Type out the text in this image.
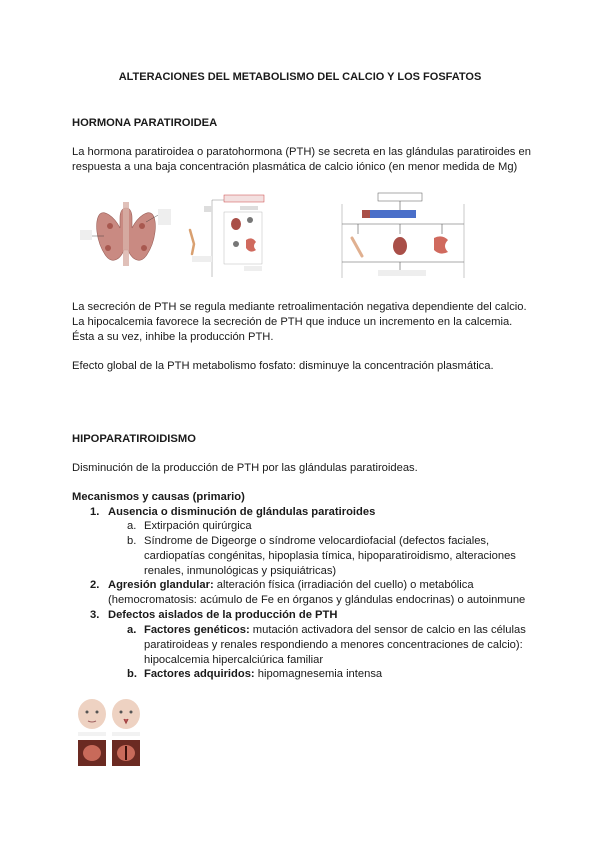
ALTERACIONES DEL METABOLISMO DEL CALCIO Y LOS FOSFATOS
HORMONA PARATIROIDEA
La hormona paratiroidea o paratohormona (PTH) se secreta en las glándulas paratiroides en
respuesta a una baja concentración plasmática de calcio iónico (en menor medida de Mg)
La secreción de PTH se regula mediante retroalimentación negativa dependiente del calcio.
La hipocalcemia favorece la secreción de PTH que induce un incremento en la calcemia.
Ésta a su vez, inhibe la producción PTH.
Efecto global de la PTH metabolismo fosfato: disminuye la concentración plasmática.
HIPOPARATIROIDISMO
Disminución de la producción de PTH por las glándulas paratiroideas.
Mecanismos y causas (primario)
1. Ausencia o disminución de glándulas paratiroides
a. Extirpación quirúrgica
b. Síndrome de Digeorge o síndrome velocardiofacial (defectos faciales,
cardiopatías congénitas, hipoplasia tímica, hipoparatiroidismo, alteraciones
renales, inmunológicas y psiquiátricas)
2. Agresión glandular: alteración física (irradiación del cuello) o metabólica
(hemocromatosis: acúmulo de Fe en órganos y glándulas endocrinas) o autoinmune
3. Defectos aislados de la producción de PTH
a. Factores genéticos: mutación activadora del sensor de calcio en las células
paratiroideas y renales respondiendo a menores concentraciones de calcio):
hipocalcemia hipercalciúrica familiar
b. Factores adquiridos: hipomagnesemia intensa
